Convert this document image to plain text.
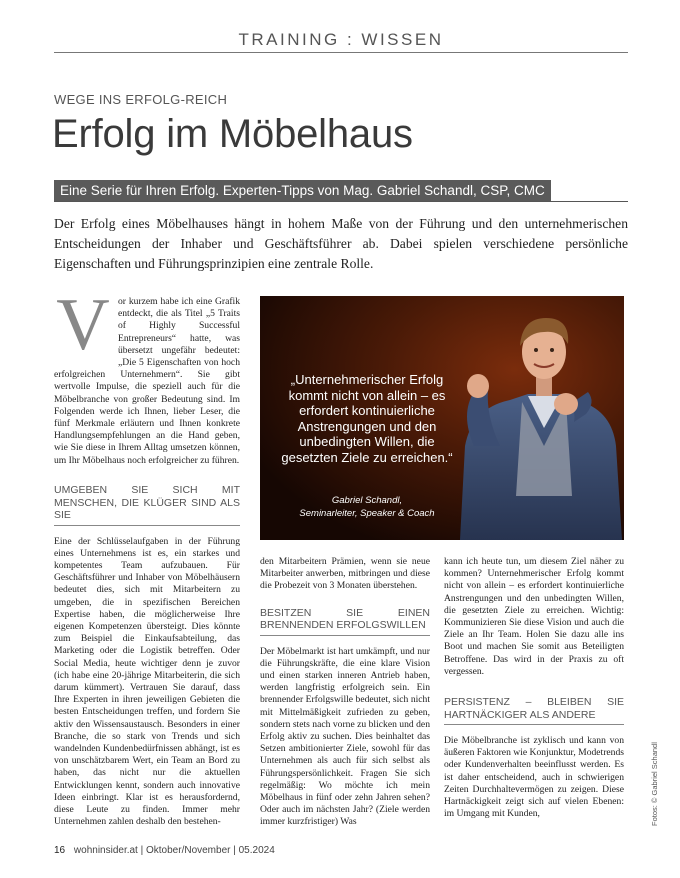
TRAINING : WISSEN
WEGE INS ERFOLG-REICH
Erfolg im Möbelhaus
Eine Serie für Ihren Erfolg. Experten-Tipps von Mag. Gabriel Schandl, CSP, CMC
Der Erfolg eines Möbelhauses hängt in hohem Maße von der Führung und den unternehmerischen Entscheidungen der Inhaber und Geschäftsführer ab. Dabei spielen verschiedene persönliche Eigenschaften und Führungsprinzipien eine zentrale Rolle.
„Unternehmerischer Erfolg kommt nicht von allein – es erfordert kontinuierliche Anstrengungen und den unbedingten Willen, die gesetzten Ziele zu erreichen.“
Gabriel Schandl,
Seminarleiter, Speaker & Coach
V or kurzem habe ich eine Grafik entdeckt, die als Titel „5 Traits of Highly Successful Entrepreneurs“ hatte, was übersetzt ungefähr bedeutet: „Die 5 Eigenschaften von hoch erfolgreichen Unternehmern“. Sie gibt wertvolle Impulse, die speziell auch für die Möbelbranche von großer Bedeutung sind. Im Folgenden werde ich Ihnen, lieber Leser, die fünf Merkmale erläutern und Ihnen konkrete Handlungsempfehlungen an die Hand geben, wie Sie diese in Ihrem Alltag umsetzen können, um Ihr Möbelhaus noch erfolgreicher zu führen.

UMGEBEN SIE SICH MIT MENSCHEN, DIE KLÜGER SIND ALS SIE

Eine der Schlüsselaufgaben in der Führung eines Unternehmens ist es, ein starkes und kompetentes Team aufzubauen. Für Geschäftsführer und Inhaber von Möbelhäusern bedeutet dies, sich mit Mitarbeitern zu umgeben, die in spezifischen Bereichen Expertise haben, die möglicherweise Ihre eigenen Kompetenzen übersteigt. Dies könnte zum Beispiel die Einkaufsabteilung, das Marketing oder die Logistik betreffen. Oder Social Media, heute wichtiger denn je zuvor (ich habe eine 20-jährige Mitarbeiterin, die sich darum kümmert). Vertrauen Sie darauf, dass Ihre Experten in ihren jeweiligen Gebieten die besten Entscheidungen treffen, und fordern Sie aktiv den Wissensaustausch. Besonders in einer Branche, die so stark von Trends und sich wandelnden Kundenbedürfnissen abhängt, ist es von unschätzbarem Wert, ein Team an Bord zu haben, das nicht nur die aktuellen Entwicklungen kennt, sondern auch innovative Ideen einbringt. Klar ist es herausfordernd, diese Leute zu finden. Immer mehr Unternehmen zahlen deshalb den bestehen-

den Mitarbeitern Prämien, wenn sie neue Mitarbeiter anwerben, mitbringen und diese die Probezeit von 3 Monaten überstehen.

BESITZEN SIE EINEN BRENNENDEN ERFOLGSWILLEN

Der Möbelmarkt ist hart umkämpft, und nur die Führungskräfte, die eine klare Vision und einen starken inneren Antrieb haben, werden langfristig erfolgreich sein. Ein brennender Erfolgswille bedeutet, sich nicht mit Mittelmäßigkeit zufrieden zu geben, sondern stets nach vorne zu blicken und den Erfolg aktiv zu suchen. Dies beinhaltet das Setzen ambitionierter Ziele, sowohl für das Unternehmen als auch für sich selbst als Führungspersönlichkeit. Fragen Sie sich regelmäßig: Wo möchte ich mein Möbelhaus in fünf oder zehn Jahren sehen? Oder auch im nächsten Jahr? (Ziele werden immer kurzfristiger) Was

kann ich heute tun, um diesem Ziel näher zu kommen? Unternehmerischer Erfolg kommt nicht von allein – es erfordert kontinuierliche Anstrengungen und den unbedingten Willen, die gesetzten Ziele zu erreichen. Wichtig: Kommunizieren Sie diese Vision und auch die Ziele an Ihr Team. Holen Sie dazu alle ins Boot und machen Sie somit aus Beteiligten Betroffene. Das wird in der Praxis zu oft vergessen.

PERSISTENZ – BLEIBEN SIE HARTNÄCKIGER ALS ANDERE

Die Möbelbranche ist zyklisch und kann von äußeren Faktoren wie Konjunktur, Modetrends oder Kundenverhalten beeinflusst werden. Es ist daher entscheidend, auch in schwierigen Zeiten Durchhaltevermögen zu zeigen. Diese Hartnäckigkeit zeigt sich auf vielen Ebenen: im Umgang mit Kunden,	Fotos: © Gabriel Schandl
16 wohninsider.at | Oktober/November | 05.2024
